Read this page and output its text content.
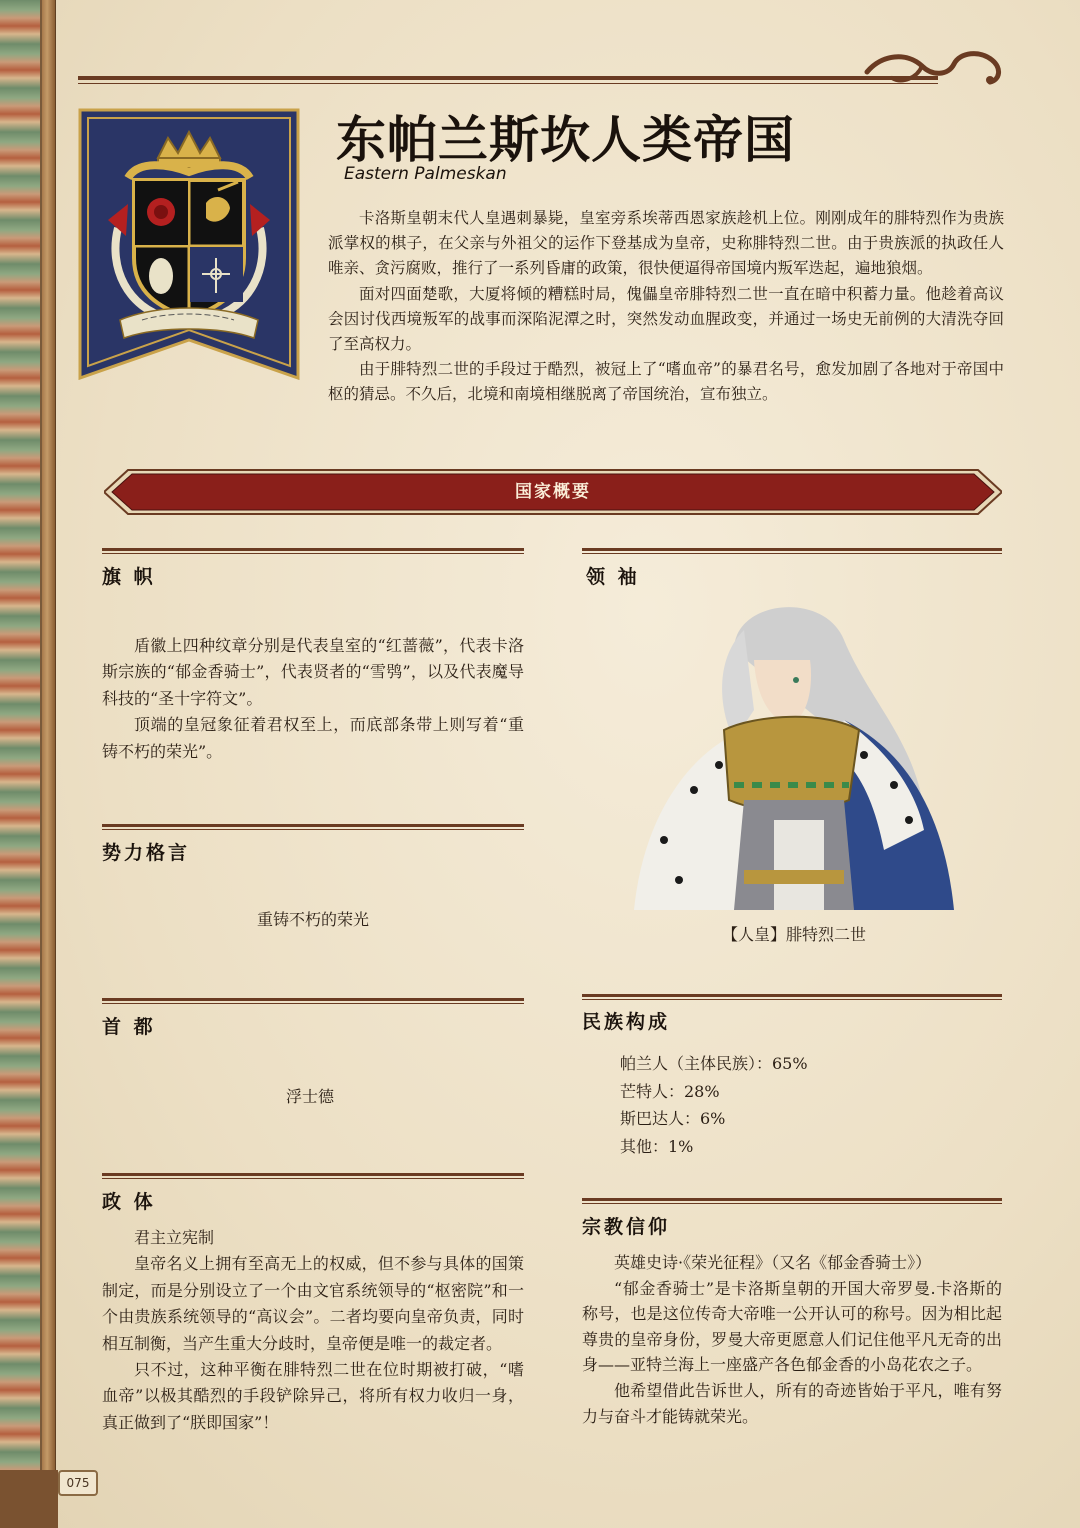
075
东帕兰斯坎人类帝国
Eastern Palmeskan

卡洛斯皇朝末代人皇遇刺暴毙，皇室旁系埃蒂西恩家族趁机上位。刚刚成年的腓特烈作为贵族派掌权的棋子，在父亲与外祖父的运作下登基成为皇帝，史称腓特烈二世。由于贵族派的执政任人唯亲、贪污腐败，推行了一系列昏庸的政策，很快便逼得帝国境内叛军迭起，遍地狼烟。

面对四面楚歌，大厦将倾的糟糕时局，傀儡皇帝腓特烈二世一直在暗中积蓄力量。他趁着高议会因讨伐西境叛军的战事而深陷泥潭之时，突然发动血腥政变，并通过一场史无前例的大清洗夺回了至高权力。

由于腓特烈二世的手段过于酷烈，被冠上了“嗜血帝”的暴君名号，愈发加剧了各地对于帝国中枢的猜忌。不久后，北境和南境相继脱离了帝国统治，宣布独立。

国家概要
旗 帜

盾徽上四种纹章分别是代表皇室的“红蔷薇”，代表卡洛斯宗族的“郁金香骑士”，代表贤者的“雪鸮”，以及代表魔导科技的“圣十字符文”。

顶端的皇冠象征着君权至上，而底部条带上则写着“重铸不朽的荣光”。

势力格言
重铸不朽的荣光
首 都
浮士德
政 体

君主立宪制

皇帝名义上拥有至高无上的权威，但不参与具体的国策制定，而是分别设立了一个由文官系统领导的“枢密院”和一个由贵族系统领导的“高议会”。二者均要向皇帝负责，同时相互制衡，当产生重大分歧时，皇帝便是唯一的裁定者。

只不过，这种平衡在腓特烈二世在位时期被打破，“嗜血帝”以极其酷烈的手段铲除异己，将所有权力收归一身，真正做到了“朕即国家”！

领 袖
【人皇】腓特烈二世
民族构成
帕兰人（主体民族）：65%
芒特人：28%
斯巴达人：6%
其他：1%
宗教信仰

英雄史诗·《荣光征程》（又名《郁金香骑士》）

“郁金香骑士”是卡洛斯皇朝的开国大帝罗曼.卡洛斯的称号，也是这位传奇大帝唯一公开认可的称号。因为相比起尊贵的皇帝身份，罗曼大帝更愿意人们记住他平凡无奇的出身——亚特兰海上一座盛产各色郁金香的小岛花农之子。

他希望借此告诉世人，所有的奇迹皆始于平凡，唯有努力与奋斗才能铸就荣光。
